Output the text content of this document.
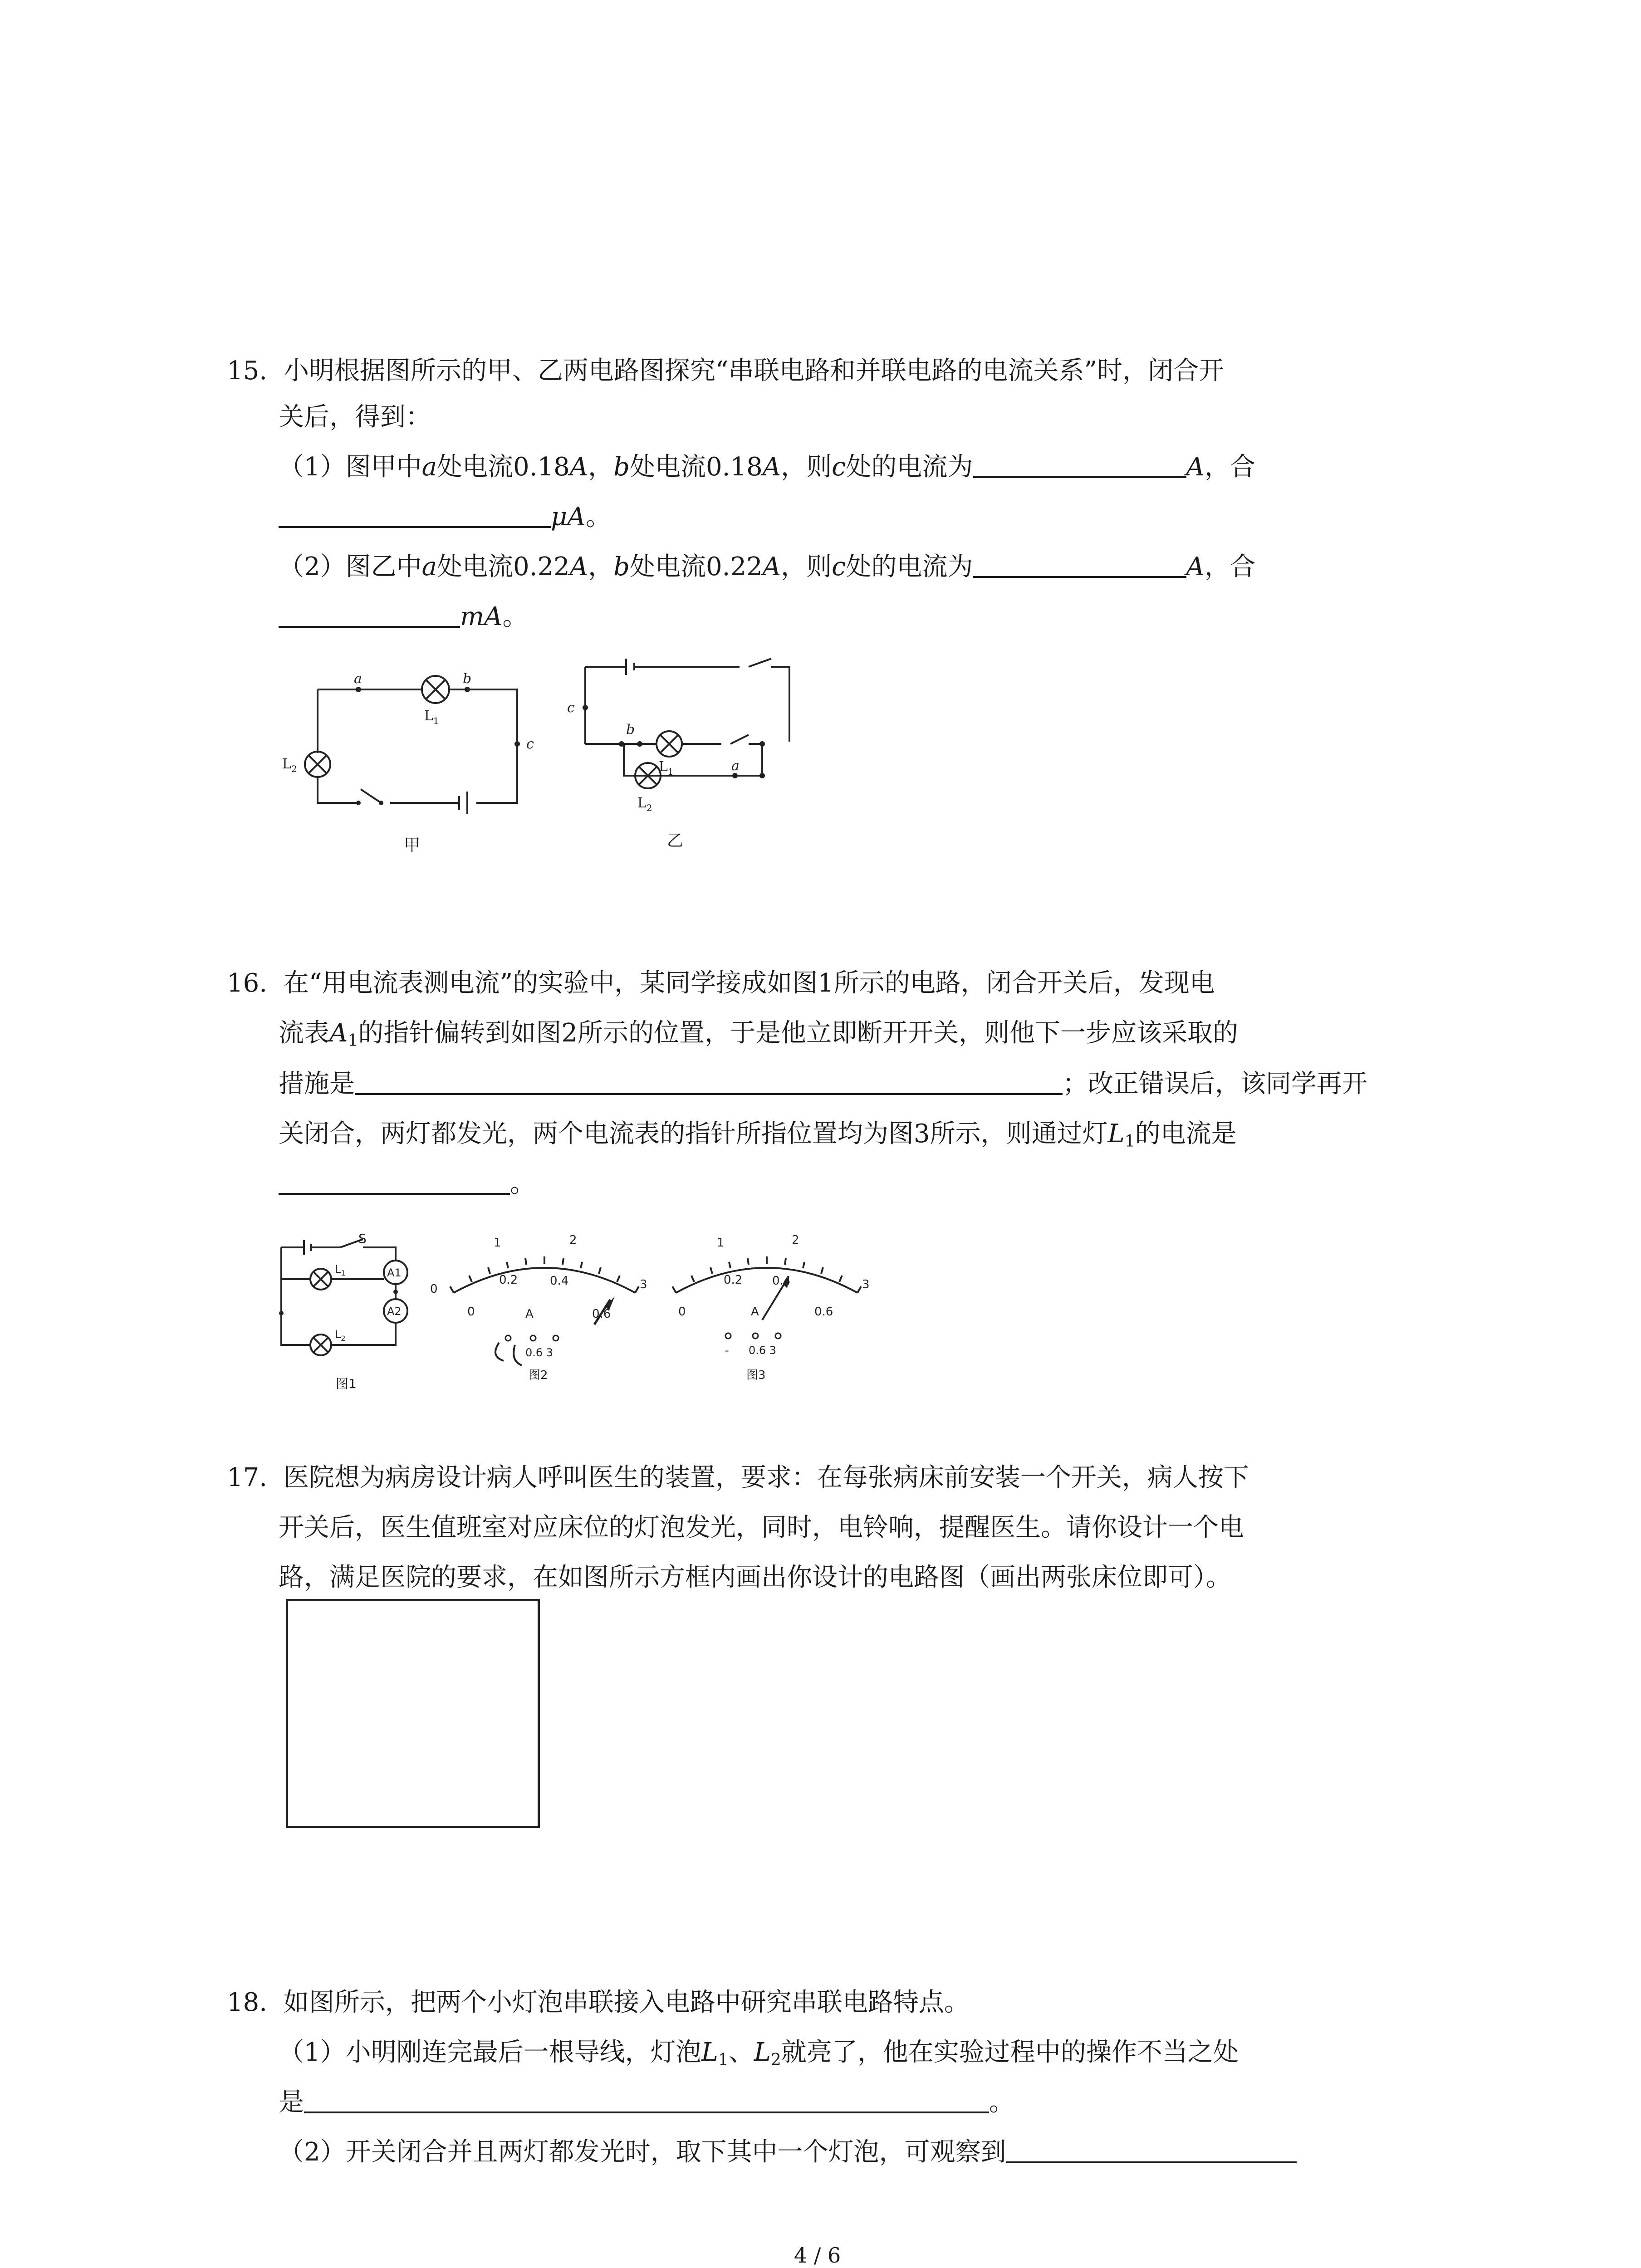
15. 小明根据图所示的甲、乙两电路图探究“串联电路和并联电路的电流关系”时，闭合开
关后，得到：
（1）图甲中a处电流0.18A，b处电流0.18A，则c处的电流为	A，合
μA。
（2）图乙中a处电流0.22A，b处电流0.22A，则c处的电流为	A，合
mA。
a	b
c
$L_1$
$L_2$
甲
c
b
a
$L_1$
$L_2$
乙
16. 在“用电流表测电流”的实验中，某同学接成如图1所示的电路，闭合开关后，发现电
流表$A_1$的指针偏转到如图2所示的位置，于是他立即断开开关，则他下一步应该采取的
措施是	；改正错误后，该同学再开
关闭合，两灯都发光，两个电流表的指针所指位置均为图3所示，则通过灯$L_1$的电流是
。
S
$L_1$
$L_2$
A1
A2
图1
1	2
0.2	0.4
0	3
0	0.6
A
0.6 3
图2
1	2
0.2	0.4	3
0	0.6
A
- 0.6 3
图3
17. 医院想为病房设计病人呼叫医生的装置，要求：在每张病床前安装一个开关，病人按下
开关后，医生值班室对应床位的灯泡发光，同时，电铃响，提醒医生。请你设计一个电
路，满足医院的要求，在如图所示方框内画出你设计的电路图（画出两张床位即可）。
18. 如图所示，把两个小灯泡串联接入电路中研究串联电路特点。
（1）小明刚连完最后一根导线，灯泡$L_1$、$L_2$就亮了，他在实验过程中的操作不当之处
是	。
（2）开关闭合并且两灯都发光时，取下其中一个灯泡，可观察到
4 / 6
